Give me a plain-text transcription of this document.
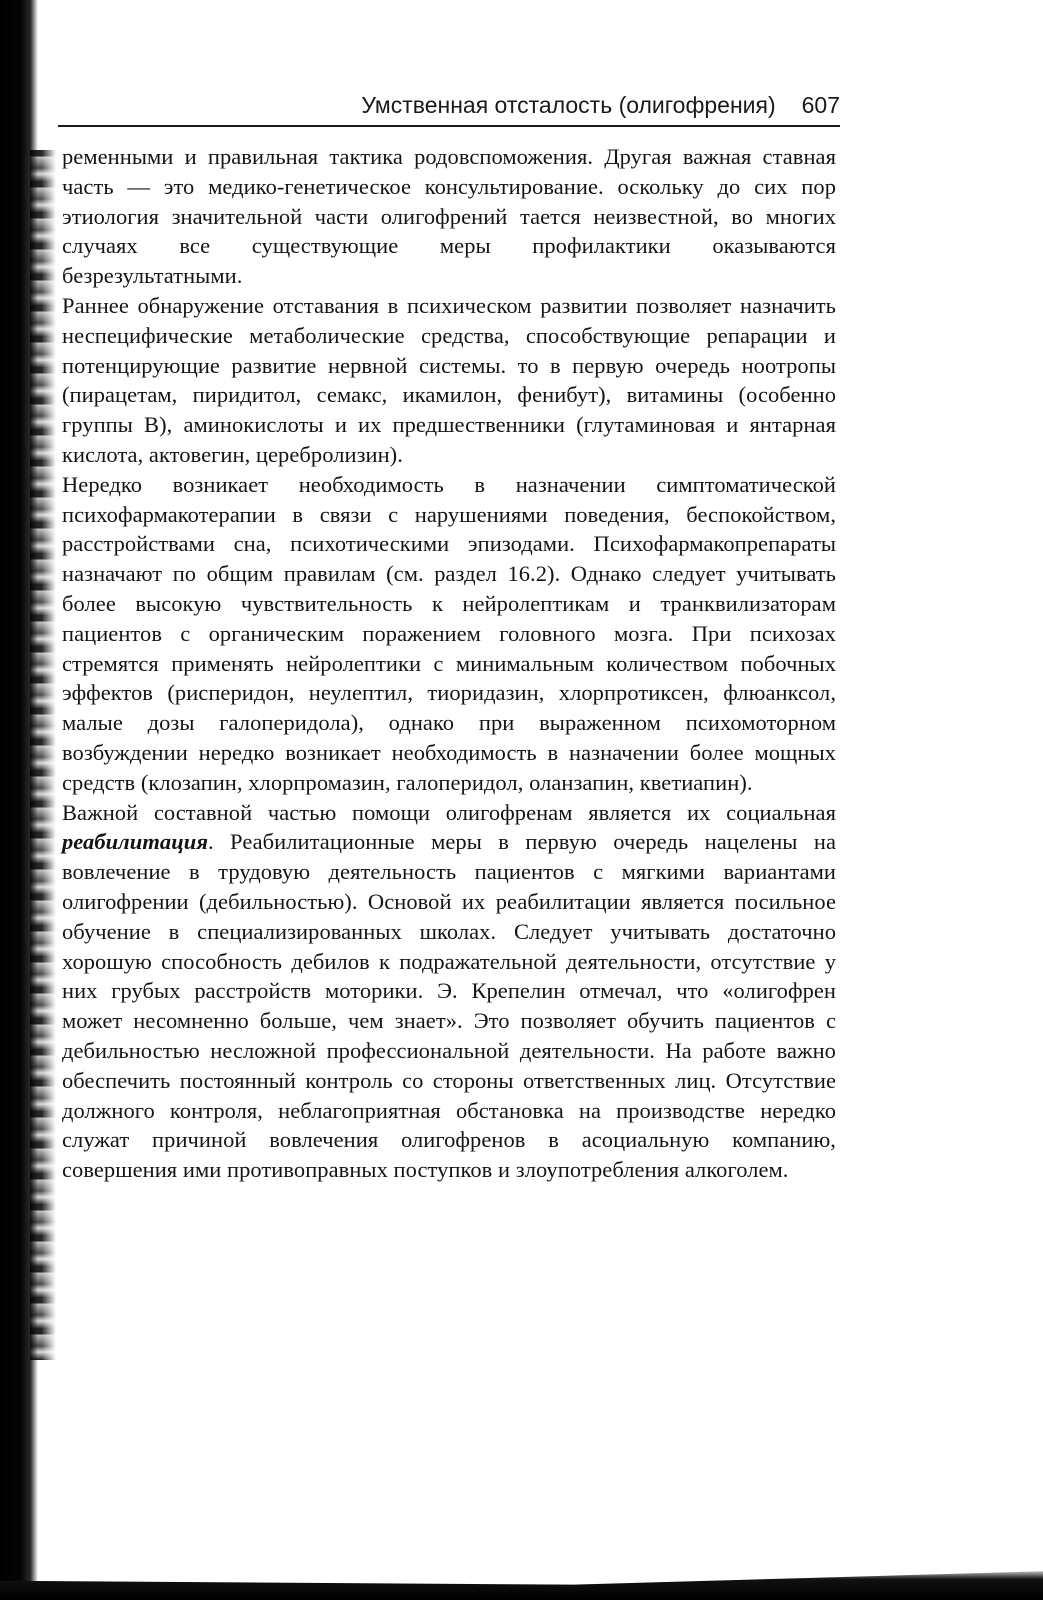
Умственная отсталость (олигофрения) 607

ременными и правильная тактика родовспоможения. Другая важная ставная часть — это медико-генетическое консультирование. оскольку до сих пор этиология значительной части олигофрений тается неизвестной, во многих случаях все существующие меры профилактики оказываются безрезультатными.

Раннее обнаружение отставания в психическом развитии позволяет назначить неспецифические метаболические средства, способствующие репарации и потенцирующие развитие нервной системы. то в первую очередь ноотропы (пирацетам, пиридитол, семакс, икамилон, фенибут), витамины (особенно группы В), аминокислоты и их предшественники (глутаминовая и янтарная кислота, актовегин, церебролизин).

Нередко возникает необходимость в назначении симптоматической психофармакотерапии в связи с нарушениями поведения, беспокойством, расстройствами сна, психотическими эпизодами. Психофармакопрепараты назначают по общим правилам (см. раздел 16.2). Однако следует учитывать более высокую чувствительность к нейролептикам и транквилизаторам пациентов с органическим поражением головного мозга. При психозах стремятся применять нейролептики с минимальным количеством побочных эффектов (рисперидон, неулептил, тиоридазин, хлорпротиксен, флюанксол, малые дозы галоперидола), однако при выраженном психомоторном возбуждении нередко возникает необходимость в назначении более мощных средств (клозапин, хлорпромазин, галоперидол, оланзапин, кветиапин).

Важной составной частью помощи олигофренам является их социальная реабилитация. Реабилитационные меры в первую очередь нацелены на вовлечение в трудовую деятельность пациентов с мягкими вариантами олигофрении (дебильностью). Основой их реабилитации является посильное обучение в специализированных школах. Следует учитывать достаточно хорошую способность дебилов к подражательной деятельности, отсутствие у них грубых расстройств моторики. Э. Крепелин отмечал, что «олигофрен может несомненно больше, чем знает». Это позволяет обучить пациентов с дебильностью несложной профессиональной деятельности. На работе важно обеспечить постоянный контроль со стороны ответственных лиц. Отсутствие должного контроля, неблагоприятная обстановка на производстве нередко служат причиной вовлечения олигофренов в асоциальную компанию, совершения ими противоправных поступков и злоупотребления алкоголем.
